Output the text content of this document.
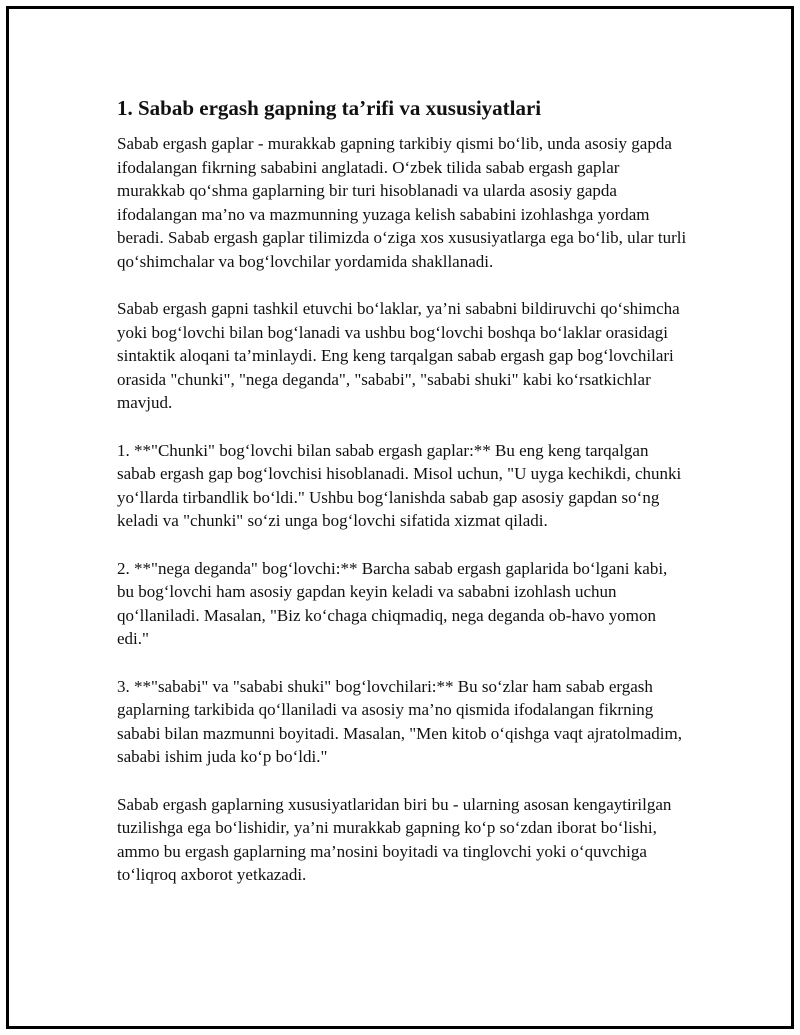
1. Sabab ergash gapning ta’rifi va xususiyatlari

Sabab ergash gaplar - murakkab gapning tarkibiy qismi bo‘lib, unda asosiy gapda ifodalangan fikrning sababini anglatadi. O‘zbek tilida sabab ergash gaplar murakkab qo‘shma gaplarning bir turi hisoblanadi va ularda asosiy gapda ifodalangan ma’no va mazmunning yuzaga kelish sababini izohlashga yordam beradi. Sabab ergash gaplar tilimizda o‘ziga xos xususiyatlarga ega bo‘lib, ular turli qo‘shimchalar va bog‘lovchilar yordamida shakllanadi.

Sabab ergash gapni tashkil etuvchi bo‘laklar, ya’ni sababni bildiruvchi qo‘shimcha yoki bog‘lovchi bilan bog‘lanadi va ushbu bog‘lovchi boshqa bo‘laklar orasidagi sintaktik aloqani ta’minlaydi. Eng keng tarqalgan sabab ergash gap bog‘lovchilari orasida "chunki", "nega deganda", "sababi", "sababi shuki" kabi ko‘rsatkichlar mavjud.

1. **"Chunki" bog‘lovchi bilan sabab ergash gaplar:** Bu eng keng tarqalgan sabab ergash gap bog‘lovchisi hisoblanadi. Misol uchun, "U uyga kechikdi, chunki yo‘llarda tirbandlik bo‘ldi." Ushbu bog‘lanishda sabab gap asosiy gapdan so‘ng keladi va "chunki" so‘zi unga bog‘lovchi sifatida xizmat qiladi.

2. **"nega deganda" bog‘lovchi:** Barcha sabab ergash gaplarida bo‘lgani kabi, bu bog‘lovchi ham asosiy gapdan keyin keladi va sababni izohlash uchun qo‘llaniladi. Masalan, "Biz ko‘chaga chiqmadiq, nega deganda ob-havo yomon edi."

3. **"sababi" va "sababi shuki" bog‘lovchilari:** Bu so‘zlar ham sabab ergash gaplarning tarkibida qo‘llaniladi va asosiy ma’no qismida ifodalangan fikrning sababi bilan mazmunni boyitadi. Masalan, "Men kitob o‘qishga vaqt ajratolmadim, sababi ishim juda ko‘p bo‘ldi."

Sabab ergash gaplarning xususiyatlaridan biri bu - ularning asosan kengaytirilgan tuzilishga ega bo‘lishidir, ya’ni murakkab gapning ko‘p so‘zdan iborat bo‘lishi, ammo bu ergash gaplarning ma’nosini boyitadi va tinglovchi yoki o‘quvchiga to‘liqroq axborot yetkazadi.
